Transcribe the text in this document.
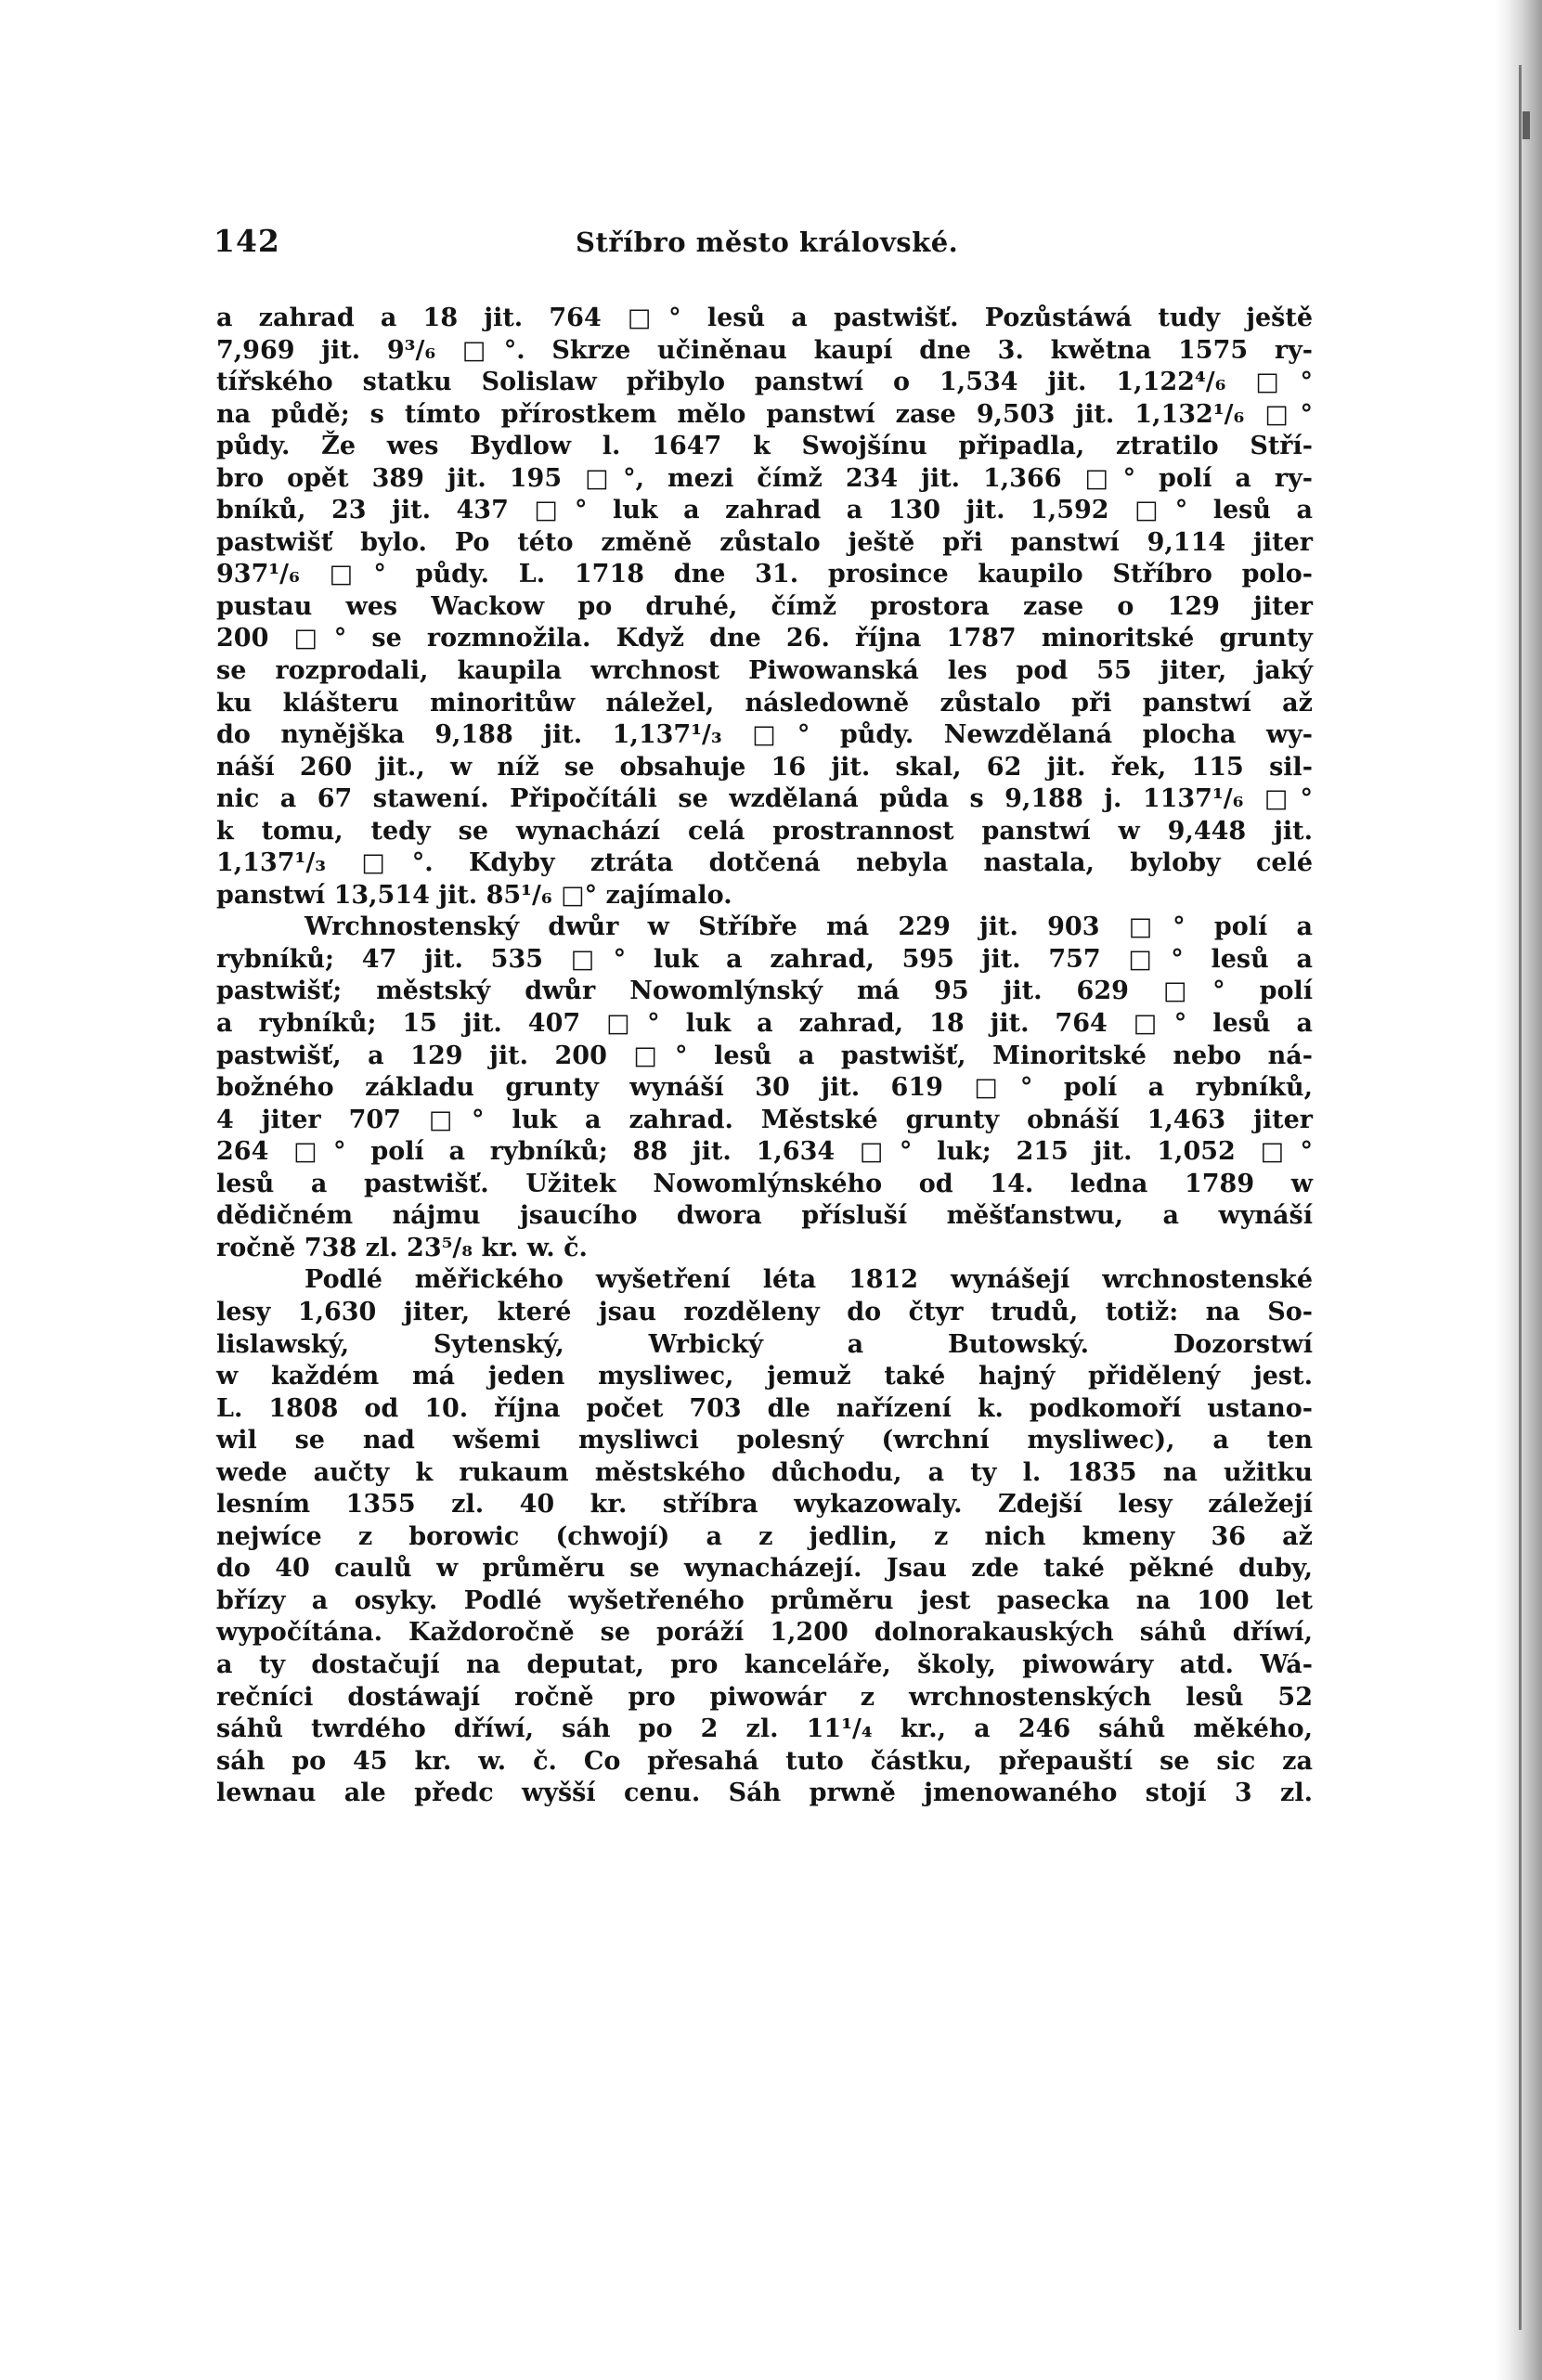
142	Stříbro město královské.
a zahrad a 18 jit. 764 □° lesů a pastwišť. Pozůstáwá tudy ještě
7,969 jit. 9³/₆ □°. Skrze učiněnau kaupí dne 3. kwětna 1575 ry-
tířského statku Solislaw přibylo panstwí o 1,534 jit. 1,122⁴/₆ □°
na půdě; s tímto přírostkem mělo panstwí zase 9,503 jit. 1,132¹/₆ □°
půdy. Že wes Bydlow l. 1647 k Swojšínu připadla, ztratilo Stří-
bro opět 389 jit. 195 □°, mezi čímž 234 jit. 1,366 □° polí a ry-
bníků, 23 jit. 437 □° luk a zahrad a 130 jit. 1,592 □° lesů a
pastwišť bylo. Po této změně zůstalo ještě při panstwí 9,114 jiter
937¹/₆ □° půdy. L. 1718 dne 31. prosince kaupilo Stříbro polo-
pustau wes Wackow po druhé, čímž prostora zase o 129 jiter
200 □° se rozmnožila. Když dne 26. října 1787 minoritské grunty
se rozprodali, kaupila wrchnost Piwowanská les pod 55 jiter, jaký
ku klášteru minoritůw náležel, následowně zůstalo při panstwí až
do nynějška 9,188 jit. 1,137¹/₃ □° půdy. Newzdělaná plocha wy-
náší 260 jit., w níž se obsahuje 16 jit. skal, 62 jit. řek, 115 sil-
nic a 67 stawení. Připočítáli se wzdělaná půda s 9,188 j. 1137¹/₆ □°
k tomu, tedy se wynachází celá prostrannost panstwí w 9,448 jit.
1,137¹/₃ □°. Kdyby ztráta dotčená nebyla nastala, byloby celé
panstwí 13,514 jit. 85¹/₆ □° zajímalo.
Wrchnostenský dwůr w Stříbře má 229 jit. 903 □° polí a
rybníků; 47 jit. 535 □° luk a zahrad, 595 jit. 757 □° lesů a
pastwišť; městský dwůr Nowomlýnský má 95 jit. 629 □° polí
a rybníků; 15 jit. 407 □° luk a zahrad, 18 jit. 764 □° lesů a
pastwišť, a 129 jit. 200 □° lesů a pastwišť, Minoritské nebo ná-
božného základu grunty wynáší 30 jit. 619 □° polí a rybníků,
4 jiter 707 □° luk a zahrad. Městské grunty obnáší 1,463 jiter
264 □° polí a rybníků; 88 jit. 1,634 □° luk; 215 jit. 1,052 □°
lesů a pastwišť. Užitek Nowomlýnského od 14. ledna 1789 w
dědičném nájmu jsaucího dwora přísluší měšťanstwu, a wynáší
ročně 738 zl. 23⁵/₈ kr. w. č.
Podlé měřického wyšetření léta 1812 wynášejí wrchnostenské
lesy 1,630 jiter, které jsau rozděleny do čtyr trudů, totiž: na So-
lislawský, Sytenský, Wrbický a Butowský. Dozorstwí
w každém má jeden mysliwec, jemuž také hajný přidělený jest.
L. 1808 od 10. října počet 703 dle nařízení k. podkomoří ustano-
wil se nad wšemi mysliwci polesný (wrchní mysliwec), a ten
wede aučty k rukaum městského důchodu, a ty l. 1835 na užitku
lesním 1355 zl. 40 kr. stříbra wykazowaly. Zdejší lesy záležejí
nejwíce z borowic (chwojí) a z jedlin, z nich kmeny 36 až
do 40 caulů w průměru se wynacházejí. Jsau zde také pěkné duby,
břízy a osyky. Podlé wyšetřeného průměru jest pasecka na 100 let
wypočítána. Každoročně se poráží 1,200 dolnorakauských sáhů dříwí,
a ty dostačují na deputat, pro kanceláře, školy, piwowáry atd. Wá-
rečníci dostáwají ročně pro piwowár z wrchnostenských lesů 52
sáhů twrdého dříwí, sáh po 2 zl. 11¹/₄ kr., a 246 sáhů měkého,
sáh po 45 kr. w. č. Co přesahá tuto částku, přepauští se sic za
lewnau ale předc wyšší cenu. Sáh prwně jmenowaného stojí 3 zl.
